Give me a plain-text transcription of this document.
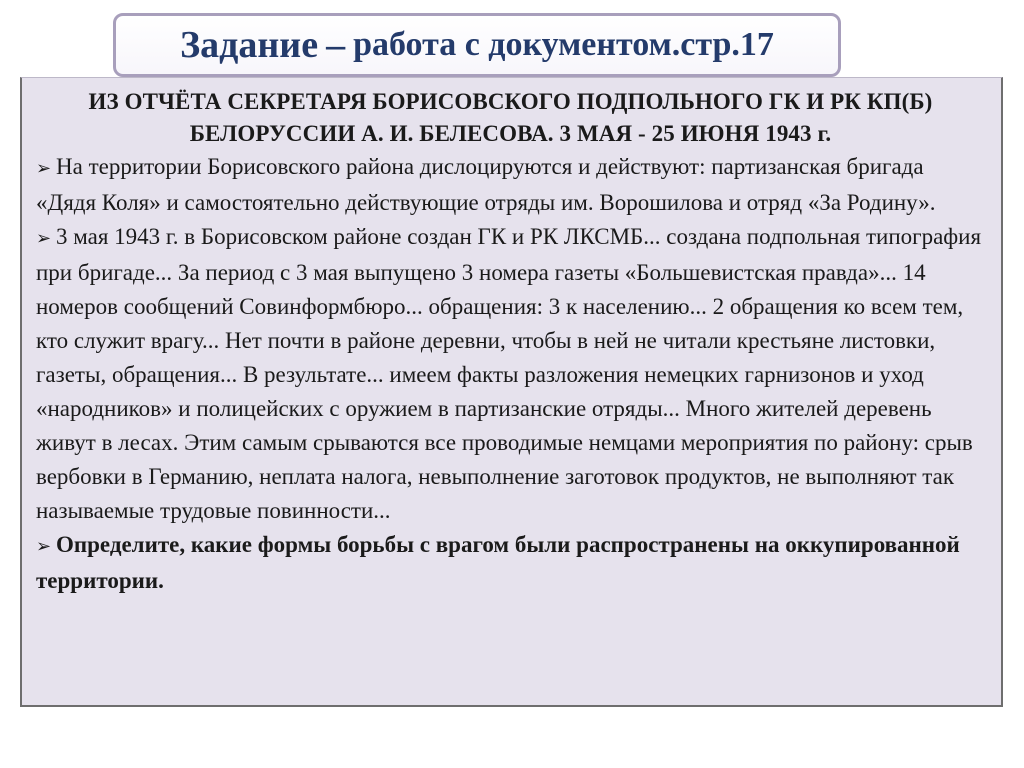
Задание – работа с документом.стр.17
ИЗ ОТЧЁТА СЕКРЕТАРЯ БОРИСОВСКОГО ПОДПОЛЬНОГО ГК И РК КП(Б) БЕЛОРУССИИ А. И. БЕЛЕСОВА. 3 МАЯ - 25 ИЮНЯ 1943 г.

➢ На территории Борисовского района дислоцируются и действуют: партизанская бригада «Дядя Коля» и самостоятельно действующие отряды им. Ворошилова и отряд «За Родину».

➢ 3 мая 1943 г. в Борисовском районе создан ГК и РК ЛКСМБ... создана подпольная типография при бригаде... За период с 3 мая выпущено 3 номера газеты «Большевистская правда»... 14 номеров сообщений Совинформбюро... обращения: 3 к населению... 2 обращения ко всем тем, кто служит врагу... Нет почти в районе деревни, чтобы в ней не читали крестьяне листовки, газеты, обращения... В результате... имеем факты разложения немецких гарнизонов и уход «народников» и полицейских с оружием в партизанские отряды... Много жителей деревень живут в лесах. Этим самым срываются все проводимые немцами мероприятия по району: срыв вербовки в Германию, неплата налога, невыполнение заготовок продуктов, не выполняют так называемые трудовые повинности...

➢ Определите, какие формы борьбы с врагом были распространены на оккупированной территории.
